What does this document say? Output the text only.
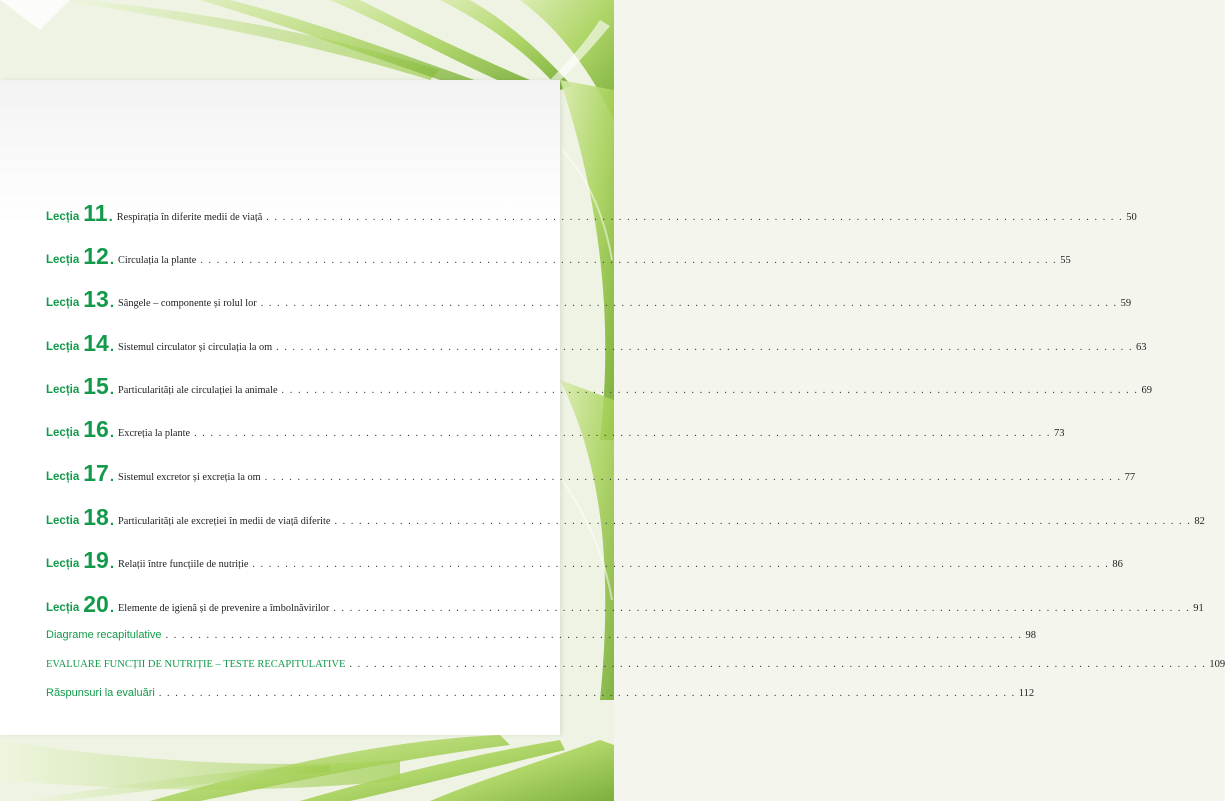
Lecția 11 . Respirația în diferite medii de viață . . . . . . . . . . . . . . . . . . . . . . . . . . . . . . . . . . . . . . . . . . . . . . . . . . . . . . . . . . . . . . . . . . . . . . . . . . . . . . . . . . . . . . . . . . . . . . . . . . . . . . . . . 50
Lecția 12 . Circulația la plante . . . . . . . . . . . . . . . . . . . . . . . . . . . . . . . . . . . . . . . . . . . . . . . . . . . . . . . . . . . . . . . . . . . . . . . . . . . . . . . . . . . . . . . . . . . . . . . . . . . . . . . . . 55
Lecția 13 . Sângele – componente și rolul lor . . . . . . . . . . . . . . . . . . . . . . . . . . . . . . . . . . . . . . . . . . . . . . . . . . . . . . . . . . . . . . . . . . . . . . . . . . . . . . . . . . . . . . . . . . . . . . . . . . . . . . . . . 59
Lecția 14 . Sistemul circulator și circulația la om . . . . . . . . . . . . . . . . . . . . . . . . . . . . . . . . . . . . . . . . . . . . . . . . . . . . . . . . . . . . . . . . . . . . . . . . . . . . . . . . . . . . . . . . . . . . . . . . . . . . . . . . . 63
Lecția 15 . Particularități ale circulației la animale . . . . . . . . . . . . . . . . . . . . . . . . . . . . . . . . . . . . . . . . . . . . . . . . . . . . . . . . . . . . . . . . . . . . . . . . . . . . . . . . . . . . . . . . . . . . . . . . . . . . . . . . . 69
Lecția 16 . Excreția la plante . . . . . . . . . . . . . . . . . . . . . . . . . . . . . . . . . . . . . . . . . . . . . . . . . . . . . . . . . . . . . . . . . . . . . . . . . . . . . . . . . . . . . . . . . . . . . . . . . . . . . . . . . 73
Lecția 17 . Sistemul excretor și excreția la om . . . . . . . . . . . . . . . . . . . . . . . . . . . . . . . . . . . . . . . . . . . . . . . . . . . . . . . . . . . . . . . . . . . . . . . . . . . . . . . . . . . . . . . . . . . . . . . . . . . . . . . . . 77
Lectia 18 . Particularități ale excreției în medii de viață diferite . . . . . . . . . . . . . . . . . . . . . . . . . . . . . . . . . . . . . . . . . . . . . . . . . . . . . . . . . . . . . . . . . . . . . . . . . . . . . . . . . . . . . . . . . . . . . . . . . . . . . . . . . 82
Lecția 19 . Relații între funcțiile de nutriție . . . . . . . . . . . . . . . . . . . . . . . . . . . . . . . . . . . . . . . . . . . . . . . . . . . . . . . . . . . . . . . . . . . . . . . . . . . . . . . . . . . . . . . . . . . . . . . . . . . . . . . . . 86
Lecția 20 . Elemente de igienă și de prevenire a îmbolnăvirilor . . . . . . . . . . . . . . . . . . . . . . . . . . . . . . . . . . . . . . . . . . . . . . . . . . . . . . . . . . . . . . . . . . . . . . . . . . . . . . . . . . . . . . . . . . . . . . . . . . . . . . . . . 91
Diagrame recapitulative . . . . . . . . . . . . . . . . . . . . . . . . . . . . . . . . . . . . . . . . . . . . . . . . . . . . . . . . . . . . . . . . . . . . . . . . . . . . . . . . . . . . . . . . . . . . . . . . . . . . . . . . . 98
EVALUARE FUNCȚII DE NUTRIȚIE – TESTE RECAPITULATIVE . . . . . . . . . . . . . . . . . . . . . . . . . . . . . . . . . . . . . . . . . . . . . . . . . . . . . . . . . . . . . . . . . . . . . . . . . . . . . . . . . . . . . . . . . . . . . . . . . . . . . . . . . 109
Răspunsuri la evaluări . . . . . . . . . . . . . . . . . . . . . . . . . . . . . . . . . . . . . . . . . . . . . . . . . . . . . . . . . . . . . . . . . . . . . . . . . . . . . . . . . . . . . . . . . . . . . . . . . . . . . . . . . 112
